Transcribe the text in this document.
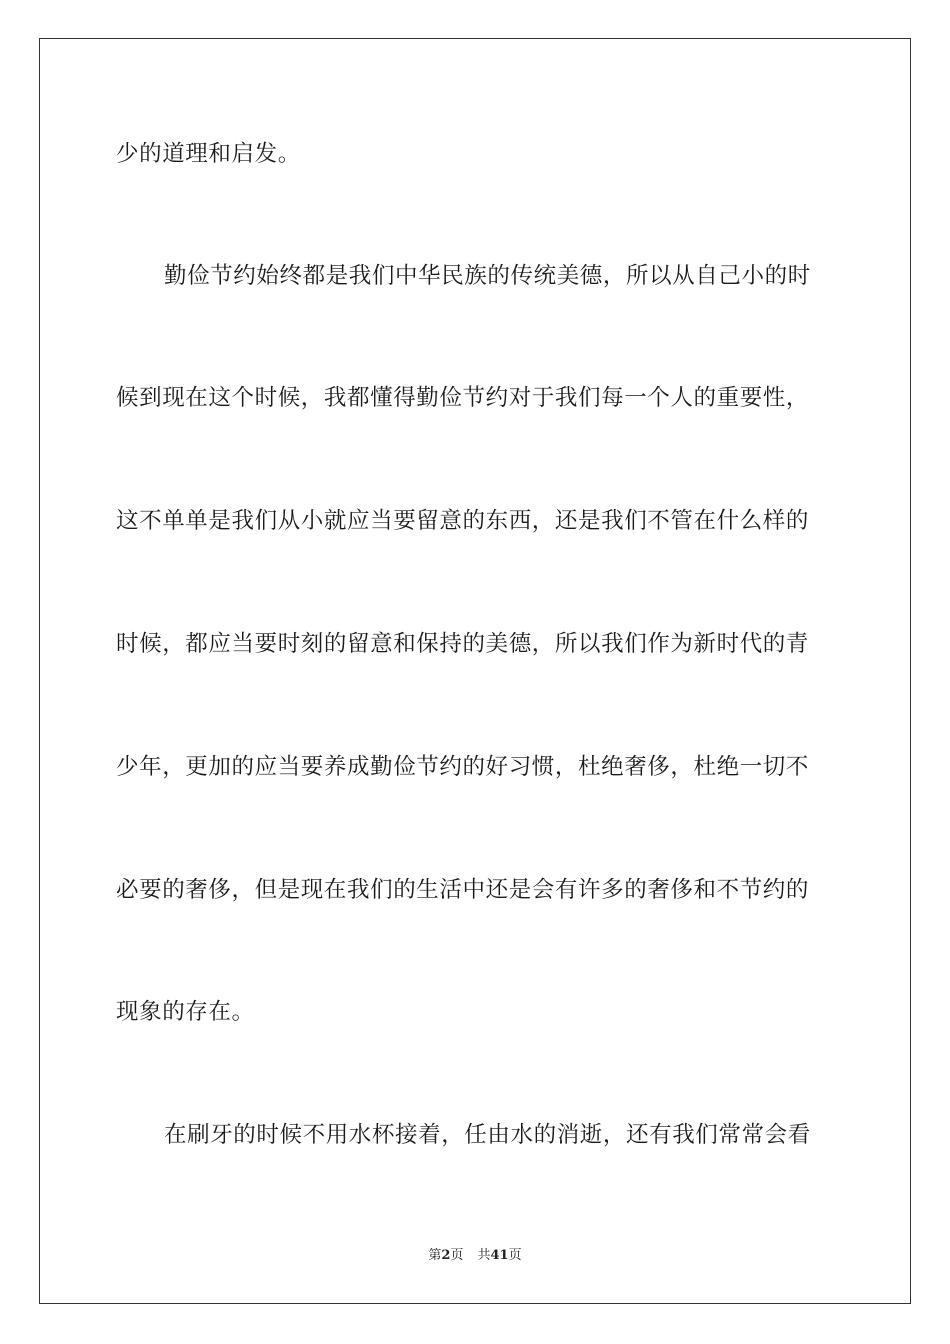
少的道理和启发。
勤俭节约始终都是我们中华民族的传统美德，所以从自己小的时
候到现在这个时候，我都懂得勤俭节约对于我们每一个人的重要性，
这不单单是我们从小就应当要留意的东西，还是我们不管在什么样的
时候，都应当要时刻的留意和保持的美德，所以我们作为新时代的青
少年，更加的应当要养成勤俭节约的好习惯，杜绝奢侈，杜绝一切不
必要的奢侈，但是现在我们的生活中还是会有许多的奢侈和不节约的
现象的存在。
在刷牙的时候不用水杯接着，任由水的消逝，还有我们常常会看
第2页 共41页
